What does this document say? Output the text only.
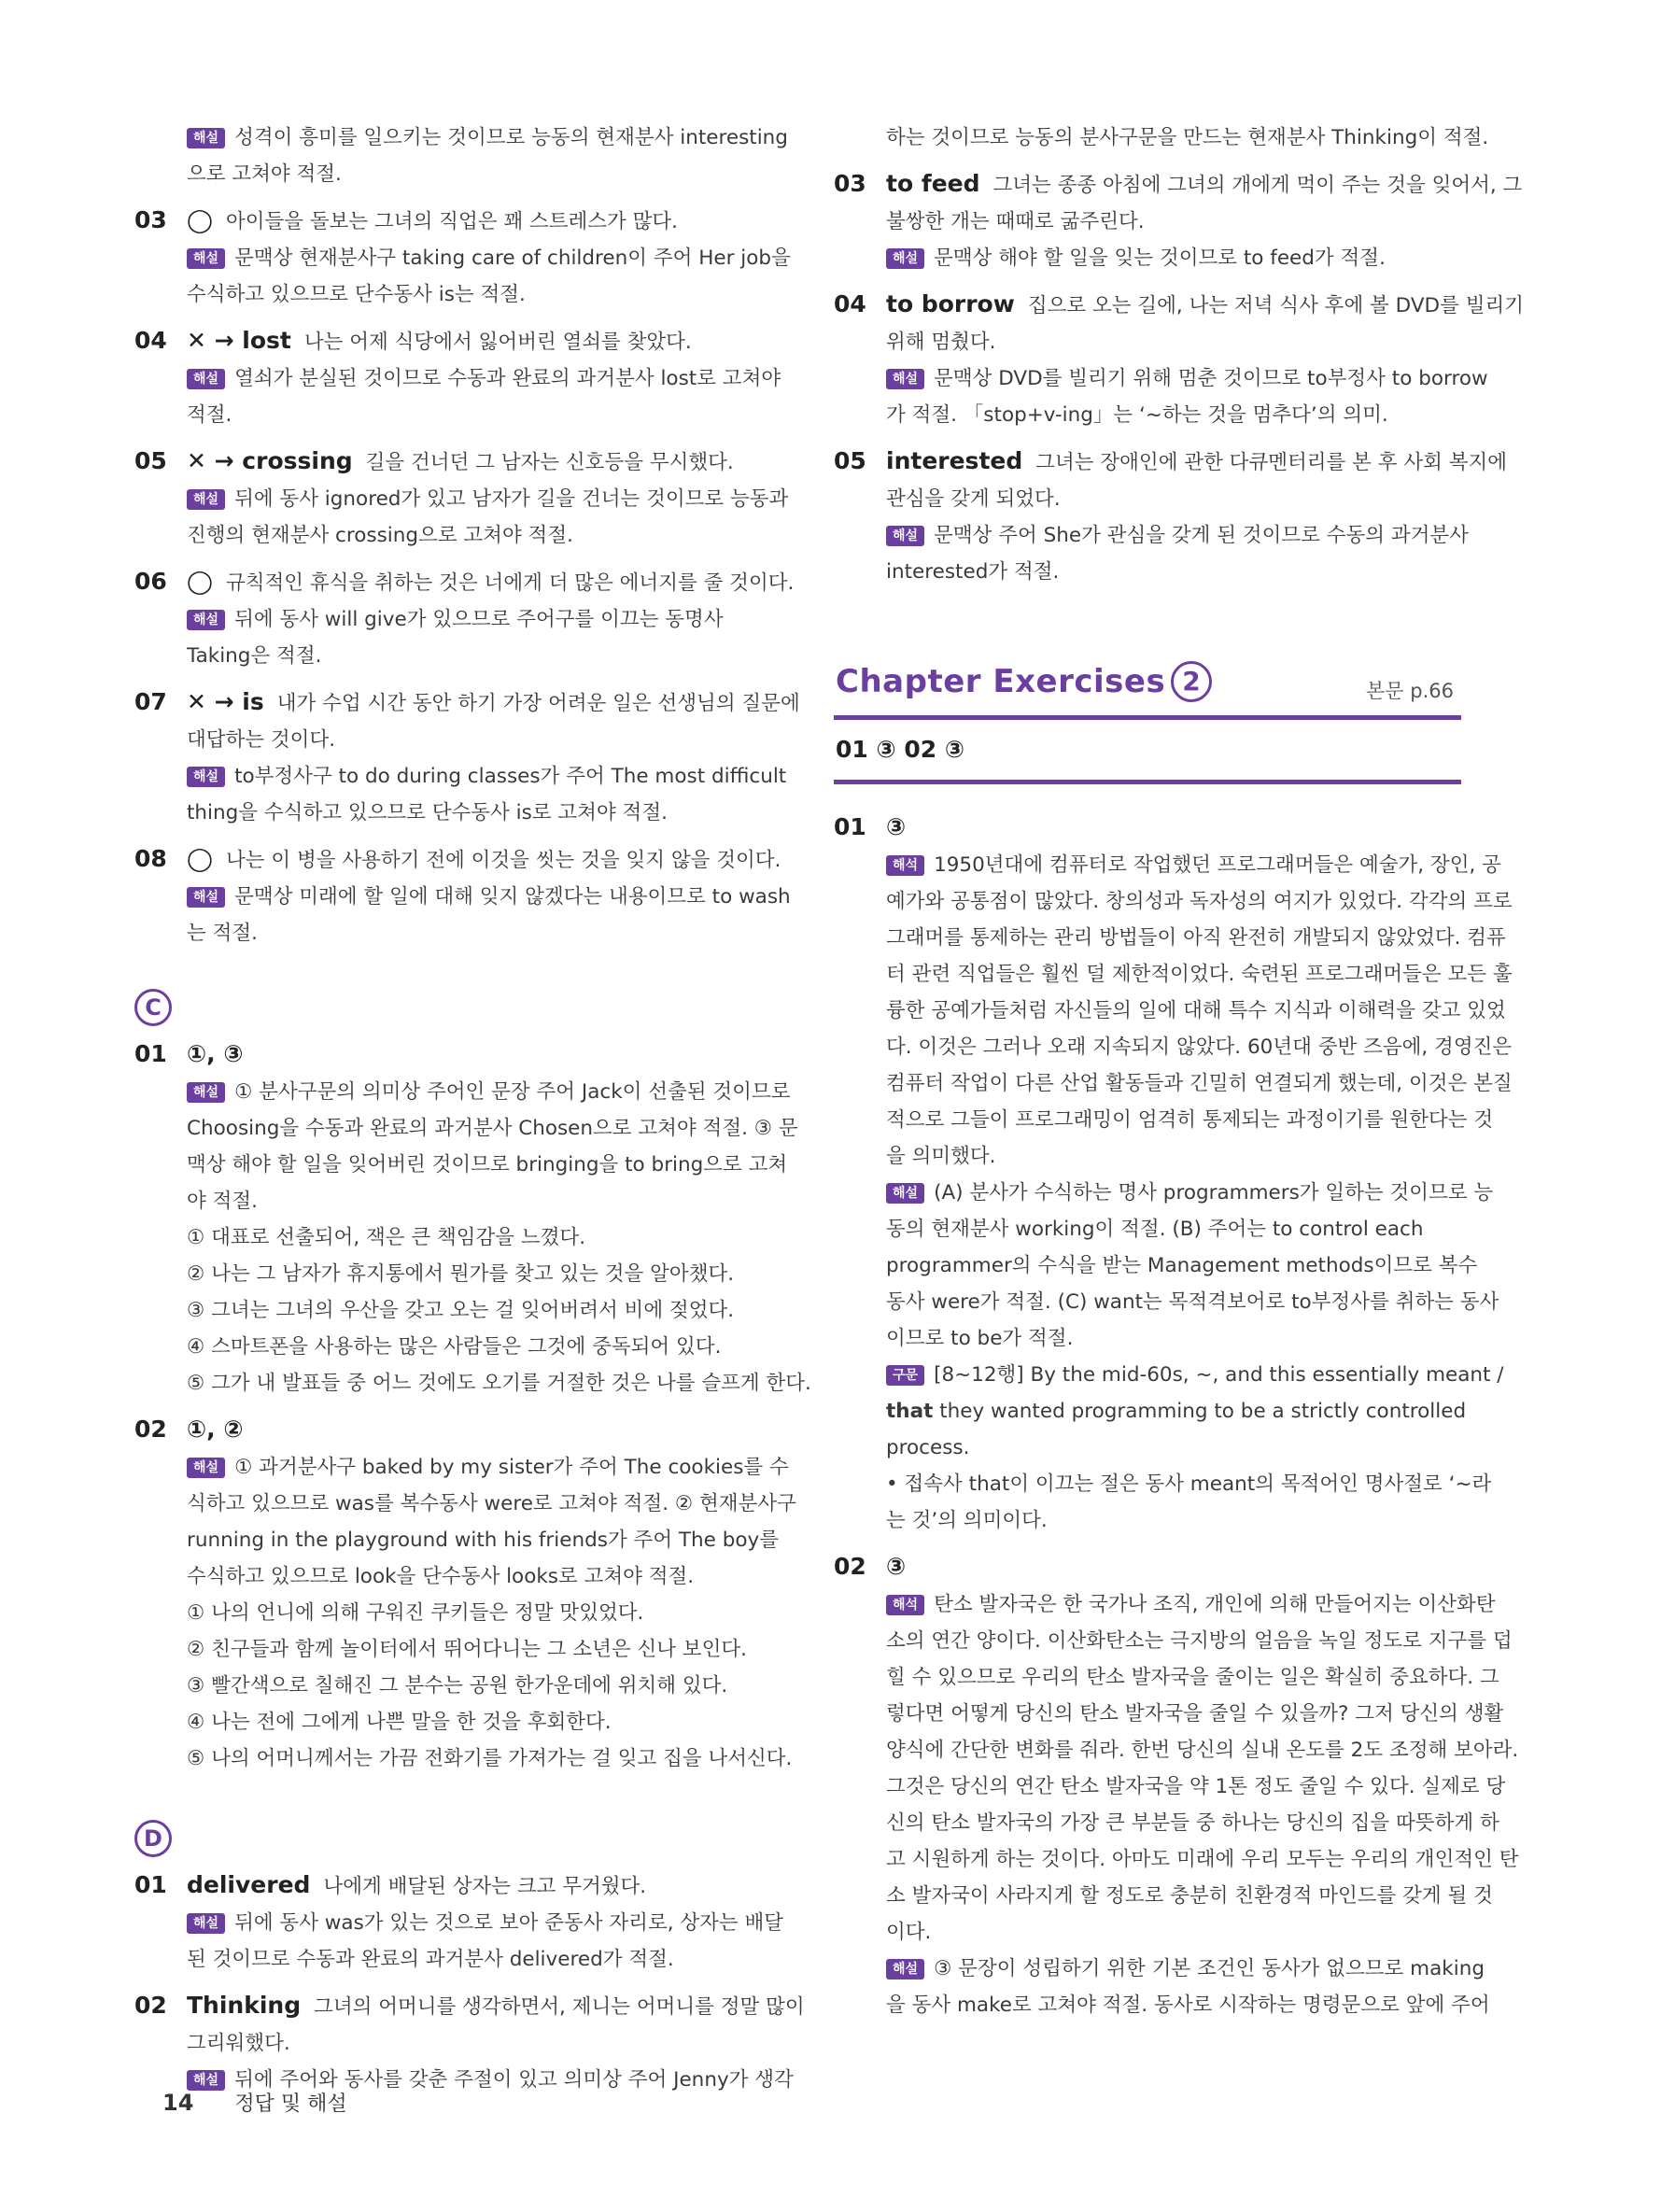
해설 성격이 흥미를 일으키는 것이므로 능동의 현재분사 interesting
으로 고쳐야 적절.
03 ◯ 아이들을 돌보는 그녀의 직업은 꽤 스트레스가 많다.
해설 문맥상 현재분사구 taking care of children이 주어 Her job을
수식하고 있으므로 단수동사 is는 적절.
04 ✕ → lost 나는 어제 식당에서 잃어버린 열쇠를 찾았다.
해설 열쇠가 분실된 것이므로 수동과 완료의 과거분사 lost로 고쳐야
적절.
05 ✕ → crossing 길을 건너던 그 남자는 신호등을 무시했다.
해설 뒤에 동사 ignored가 있고 남자가 길을 건너는 것이므로 능동과
진행의 현재분사 crossing으로 고쳐야 적절.
06 ◯ 규칙적인 휴식을 취하는 것은 너에게 더 많은 에너지를 줄 것이다.
해설 뒤에 동사 will give가 있으므로 주어구를 이끄는 동명사
Taking은 적절.
07 ✕ → is 내가 수업 시간 동안 하기 가장 어려운 일은 선생님의 질문에
대답하는 것이다.
해설 to부정사구 to do during classes가 주어 The most difficult
thing을 수식하고 있으므로 단수동사 is로 고쳐야 적절.
08 ◯ 나는 이 병을 사용하기 전에 이것을 씻는 것을 잊지 않을 것이다.
해설 문맥상 미래에 할 일에 대해 잊지 않겠다는 내용이므로 to wash
는 적절.
C
01 ①, ③
해설 ① 분사구문의 의미상 주어인 문장 주어 Jack이 선출된 것이므로
Choosing을 수동과 완료의 과거분사 Chosen으로 고쳐야 적절. ③ 문
맥상 해야 할 일을 잊어버린 것이므로 bringing을 to bring으로 고쳐
야 적절.
① 대표로 선출되어, 잭은 큰 책임감을 느꼈다.
② 나는 그 남자가 휴지통에서 뭔가를 찾고 있는 것을 알아챘다.
③ 그녀는 그녀의 우산을 갖고 오는 걸 잊어버려서 비에 젖었다.
④ 스마트폰을 사용하는 많은 사람들은 그것에 중독되어 있다.
⑤ 그가 내 발표들 중 어느 것에도 오기를 거절한 것은 나를 슬프게 한다.
02 ①, ②
해설 ① 과거분사구 baked by my sister가 주어 The cookies를 수
식하고 있으므로 was를 복수동사 were로 고쳐야 적절. ② 현재분사구
running in the playground with his friends가 주어 The boy를
수식하고 있으므로 look을 단수동사 looks로 고쳐야 적절.
① 나의 언니에 의해 구워진 쿠키들은 정말 맛있었다.
② 친구들과 함께 놀이터에서 뛰어다니는 그 소년은 신나 보인다.
③ 빨간색으로 칠해진 그 분수는 공원 한가운데에 위치해 있다.
④ 나는 전에 그에게 나쁜 말을 한 것을 후회한다.
⑤ 나의 어머니께서는 가끔 전화기를 가져가는 걸 잊고 집을 나서신다.
D
01 delivered 나에게 배달된 상자는 크고 무거웠다.
해설 뒤에 동사 was가 있는 것으로 보아 준동사 자리로, 상자는 배달
된 것이므로 수동과 완료의 과거분사 delivered가 적절.
02 Thinking 그녀의 어머니를 생각하면서, 제니는 어머니를 정말 많이
그리워했다.
해설 뒤에 주어와 동사를 갖춘 주절이 있고 의미상 주어 Jenny가 생각
하는 것이므로 능동의 분사구문을 만드는 현재분사 Thinking이 적절.
03 to feed 그녀는 종종 아침에 그녀의 개에게 먹이 주는 것을 잊어서, 그
불쌍한 개는 때때로 굶주린다.
해설 문맥상 해야 할 일을 잊는 것이므로 to feed가 적절.
04 to borrow 집으로 오는 길에, 나는 저녁 식사 후에 볼 DVD를 빌리기
위해 멈췄다.
해설 문맥상 DVD를 빌리기 위해 멈춘 것이므로 to부정사 to borrow
가 적절. 「stop+v-ing」는 ‘~하는 것을 멈추다’의 의미.
05 interested 그녀는 장애인에 관한 다큐멘터리를 본 후 사회 복지에
관심을 갖게 되었다.
해설 문맥상 주어 She가 관심을 갖게 된 것이므로 수동의 과거분사
interested가 적절.
Chapter Exercises 2	본문 p.66
01 ③ 02 ③
01 ③
해석 1950년대에 컴퓨터로 작업했던 프로그래머들은 예술가, 장인, 공
예가와 공통점이 많았다. 창의성과 독자성의 여지가 있었다. 각각의 프로
그래머를 통제하는 관리 방법들이 아직 완전히 개발되지 않았었다. 컴퓨
터 관련 직업들은 훨씬 덜 제한적이었다. 숙련된 프로그래머들은 모든 훌
륭한 공예가들처럼 자신들의 일에 대해 특수 지식과 이해력을 갖고 있었
다. 이것은 그러나 오래 지속되지 않았다. 60년대 중반 즈음에, 경영진은
컴퓨터 작업이 다른 산업 활동들과 긴밀히 연결되게 했는데, 이것은 본질
적으로 그들이 프로그래밍이 엄격히 통제되는 과정이기를 원한다는 것
을 의미했다.
해설 (A) 분사가 수식하는 명사 programmers가 일하는 것이므로 능
동의 현재분사 working이 적절. (B) 주어는 to control each
programmer의 수식을 받는 Management methods이므로 복수
동사 were가 적절. (C) want는 목적격보어로 to부정사를 취하는 동사
이므로 to be가 적절.
구문 [8~12행] By the mid-60s, ~, and this essentially meant /
that they wanted programming to be a strictly controlled
process.
• 접속사 that이 이끄는 절은 동사 meant의 목적어인 명사절로 ‘~라
는 것’의 의미이다.
02 ③
해석 탄소 발자국은 한 국가나 조직, 개인에 의해 만들어지는 이산화탄
소의 연간 양이다. 이산화탄소는 극지방의 얼음을 녹일 정도로 지구를 덥
힐 수 있으므로 우리의 탄소 발자국을 줄이는 일은 확실히 중요하다. 그
렇다면 어떻게 당신의 탄소 발자국을 줄일 수 있을까? 그저 당신의 생활
양식에 간단한 변화를 줘라. 한번 당신의 실내 온도를 2도 조정해 보아라.
그것은 당신의 연간 탄소 발자국을 약 1톤 정도 줄일 수 있다. 실제로 당
신의 탄소 발자국의 가장 큰 부분들 중 하나는 당신의 집을 따뜻하게 하
고 시원하게 하는 것이다. 아마도 미래에 우리 모두는 우리의 개인적인 탄
소 발자국이 사라지게 할 정도로 충분히 친환경적 마인드를 갖게 될 것
이다.
해설 ③ 문장이 성립하기 위한 기본 조건인 동사가 없으므로 making
을 동사 make로 고쳐야 적절. 동사로 시작하는 명령문으로 앞에 주어
14 정답 및 해설
